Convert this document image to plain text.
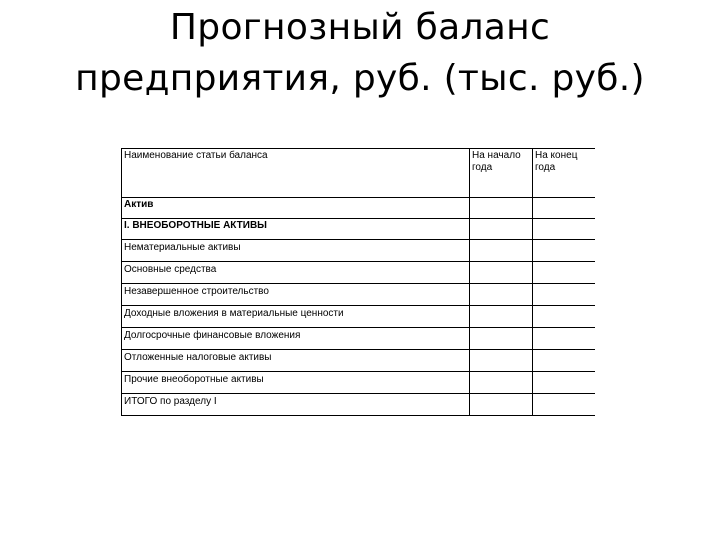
Прогнозный баланс
предприятия, руб. (тыс. руб.)
Наименование статьи баланса	На начало года	На конец года
Актив		
I. ВНЕОБОРОТНЫЕ АКТИВЫ		
Нематериальные активы		
Основные средства		
Незавершенное строительство		
Доходные вложения в материальные ценности		
Долгосрочные финансовые вложения		
Отложенные налоговые активы		
Прочие внеоборотные активы		
ИТОГО по разделу I		
